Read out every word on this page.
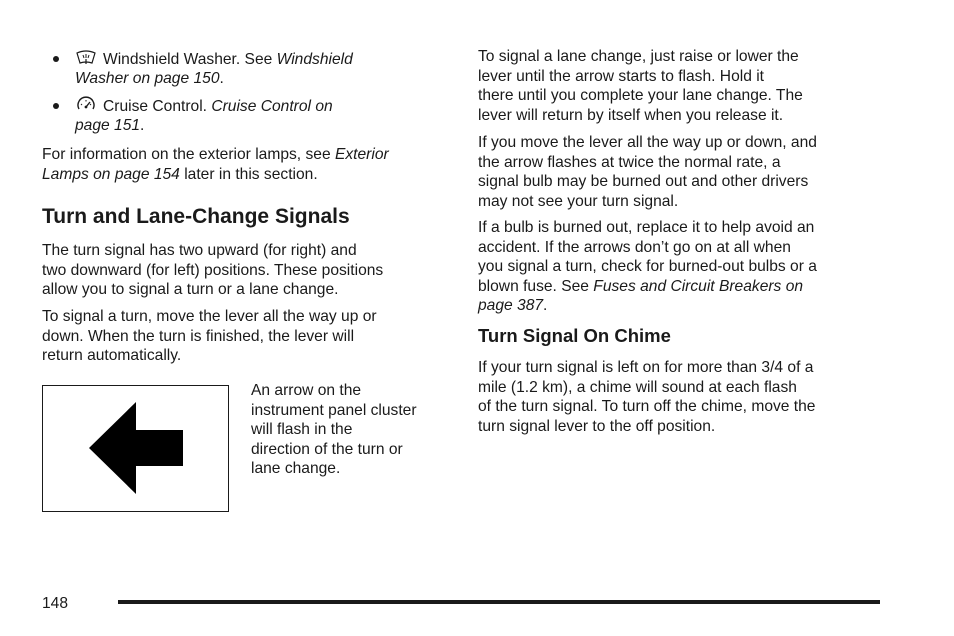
Windshield Washer. See Windshield
Washer on page 150.
Cruise Control. Cruise Control on
page 151.

For information on the exterior lamps, see Exterior

Lamps on page 154 later in this section.

Turn and Lane-Change Signals

The turn signal has two upward (for right) and

two downward (for left) positions. These positions

allow you to signal a turn or a lane change.

To signal a turn, move the lever all the way up or

down. When the turn is finished, the lever will

return automatically.

An arrow on the

instrument panel cluster

will flash in the

direction of the turn or

lane change.

To signal a lane change, just raise or lower the

lever until the arrow starts to flash. Hold it

there until you complete your lane change. The

lever will return by itself when you release it.

If you move the lever all the way up or down, and

the arrow flashes at twice the normal rate, a

signal bulb may be burned out and other drivers

may not see your turn signal.

If a bulb is burned out, replace it to help avoid an

accident. If the arrows don’t go on at all when

you signal a turn, check for burned-out bulbs or a

blown fuse. See Fuses and Circuit Breakers on

page 387.

Turn Signal On Chime

If your turn signal is left on for more than 3/4 of a

mile (1.2 km), a chime will sound at each flash

of the turn signal. To turn off the chime, move the

turn signal lever to the off position.

148
